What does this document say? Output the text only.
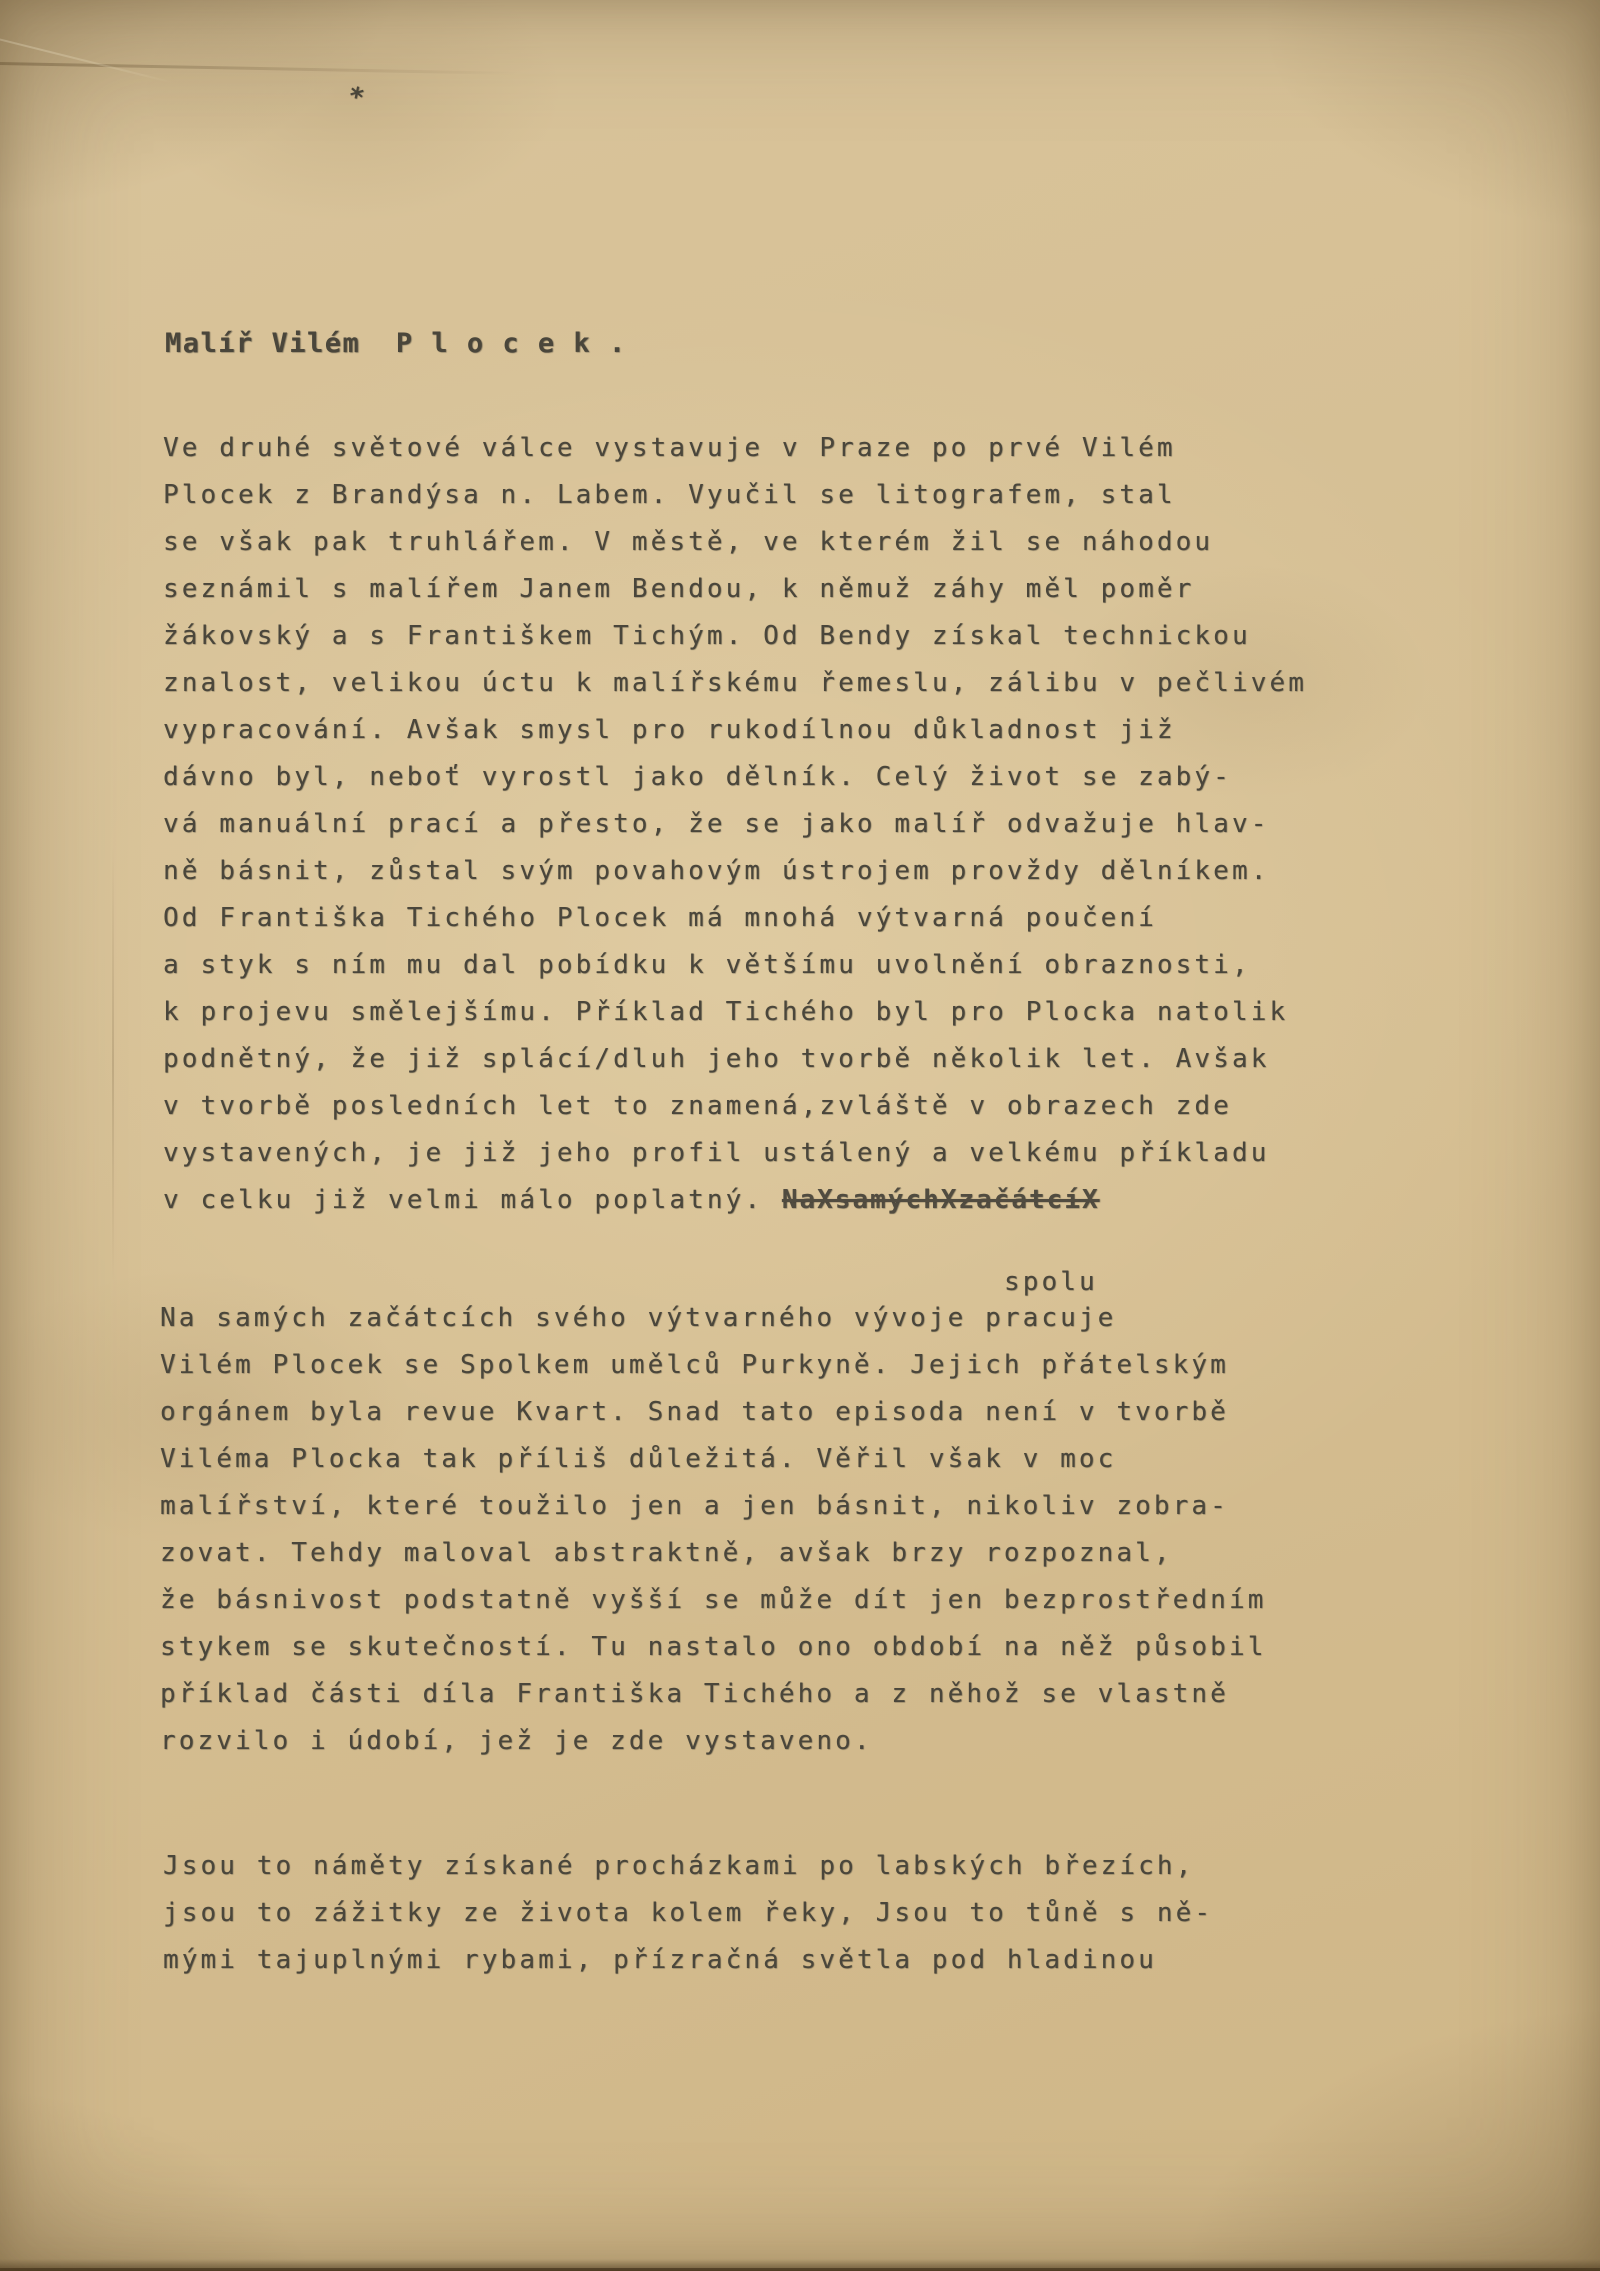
*
Malíř Vilém  P l o c e k .
Ve druhé světové válce vystavuje v Praze po prvé Vilém
Plocek z Brandýsa n. Labem. Vyučil se litografem, stal
se však pak truhlářem. V městě, ve kterém žil se náhodou
seznámil s malířem Janem Bendou, k němuž záhy měl poměr
žákovský a s Františkem Tichým. Od Bendy získal technickou
znalost, velikou úctu k malířskému řemeslu, zálibu v pečlivém
vypracování. Avšak smysl pro rukodílnou důkladnost již
dávno byl, neboť vyrostl jako dělník. Celý život se zabý-
vá manuální prací a přesto, že se jako malíř odvažuje hlav-
ně básnit, zůstal svým povahovým ústrojem provždy dělníkem.
Od Františka Tichého Plocek má mnohá výtvarná poučení
a styk s ním mu dal pobídku k většímu uvolnění obraznosti,
k projevu smělejšímu. Příklad Tichého byl pro Plocka natolik
podnětný, že již splácí/dluh jeho tvorbě několik let. Avšak
v tvorbě posledních let to znamená,zvláště v obrazech zde
vystavených, je již jeho profil ustálený a velkému příkladu
v celku již velmi málo poplatný. NaXsamýchXzačátcíX
spolu
Na samých začátcích svého výtvarného vývoje pracuje
Vilém Plocek se Spolkem umělců Purkyně. Jejich přátelským
orgánem byla revue Kvart. Snad tato episoda není v tvorbě
Viléma Plocka tak příliš důležitá. Věřil však v moc
malířství, které toužilo jen a jen básnit, nikoliv zobra-
zovat. Tehdy maloval abstraktně, avšak brzy rozpoznal,
že básnivost podstatně vyšší se může dít jen bezprostředním
stykem se skutečností. Tu nastalo ono období na něž působil
příklad části díla Františka Tichého a z něhož se vlastně
rozvilo i údobí, jež je zde vystaveno.
Jsou to náměty získané procházkami po labských březích,
jsou to zážitky ze života kolem řeky, Jsou to tůně s ně-
mými tajuplnými rybami, přízračná světla pod hladinou
